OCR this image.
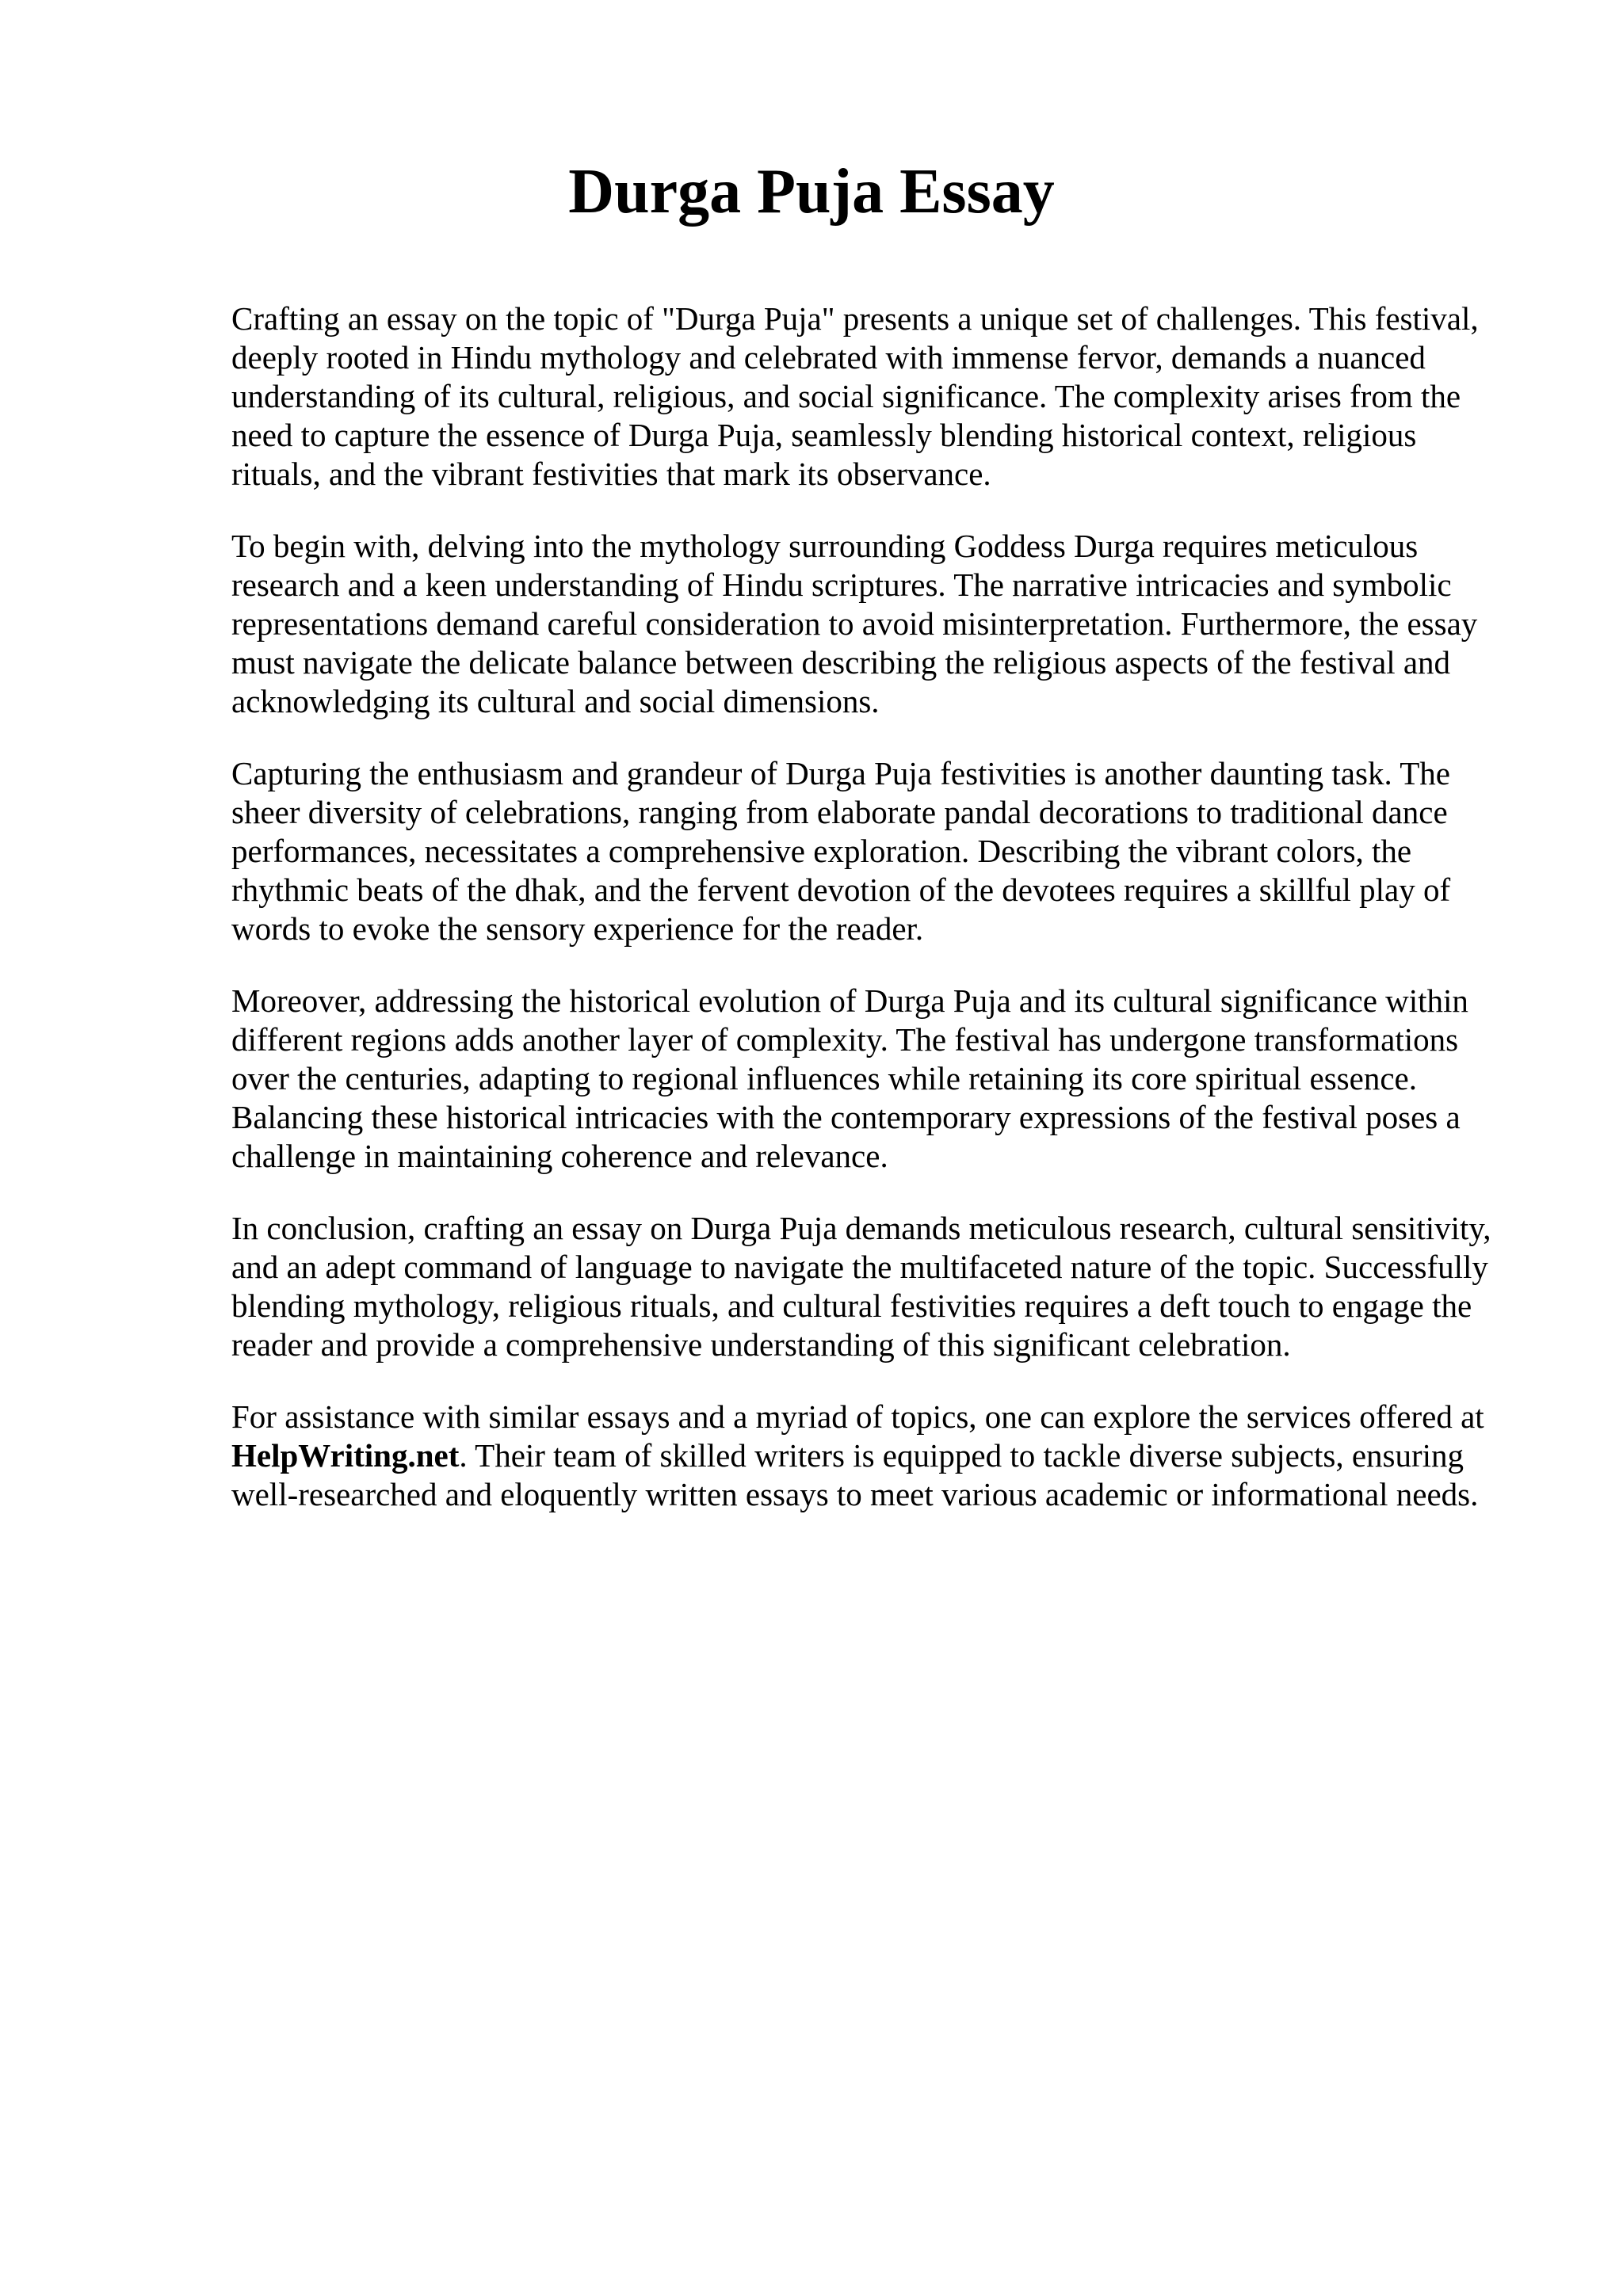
Durga Puja Essay

Crafting an essay on the topic of "Durga Puja" presents a unique set of challenges. This festival,
deeply rooted in Hindu mythology and celebrated with immense fervor, demands a nuanced
understanding of its cultural, religious, and social significance. The complexity arises from the
need to capture the essence of Durga Puja, seamlessly blending historical context, religious
rituals, and the vibrant festivities that mark its observance.

To begin with, delving into the mythology surrounding Goddess Durga requires meticulous
research and a keen understanding of Hindu scriptures. The narrative intricacies and symbolic
representations demand careful consideration to avoid misinterpretation. Furthermore, the essay
must navigate the delicate balance between describing the religious aspects of the festival and
acknowledging its cultural and social dimensions.

Capturing the enthusiasm and grandeur of Durga Puja festivities is another daunting task. The
sheer diversity of celebrations, ranging from elaborate pandal decorations to traditional dance
performances, necessitates a comprehensive exploration. Describing the vibrant colors, the
rhythmic beats of the dhak, and the fervent devotion of the devotees requires a skillful play of
words to evoke the sensory experience for the reader.

Moreover, addressing the historical evolution of Durga Puja and its cultural significance within
different regions adds another layer of complexity. The festival has undergone transformations
over the centuries, adapting to regional influences while retaining its core spiritual essence.
Balancing these historical intricacies with the contemporary expressions of the festival poses a
challenge in maintaining coherence and relevance.

In conclusion, crafting an essay on Durga Puja demands meticulous research, cultural sensitivity,
and an adept command of language to navigate the multifaceted nature of the topic. Successfully
blending mythology, religious rituals, and cultural festivities requires a deft touch to engage the
reader and provide a comprehensive understanding of this significant celebration.

For assistance with similar essays and a myriad of topics, one can explore the services offered at
HelpWriting.net. Their team of skilled writers is equipped to tackle diverse subjects, ensuring
well-researched and eloquently written essays to meet various academic or informational needs.
